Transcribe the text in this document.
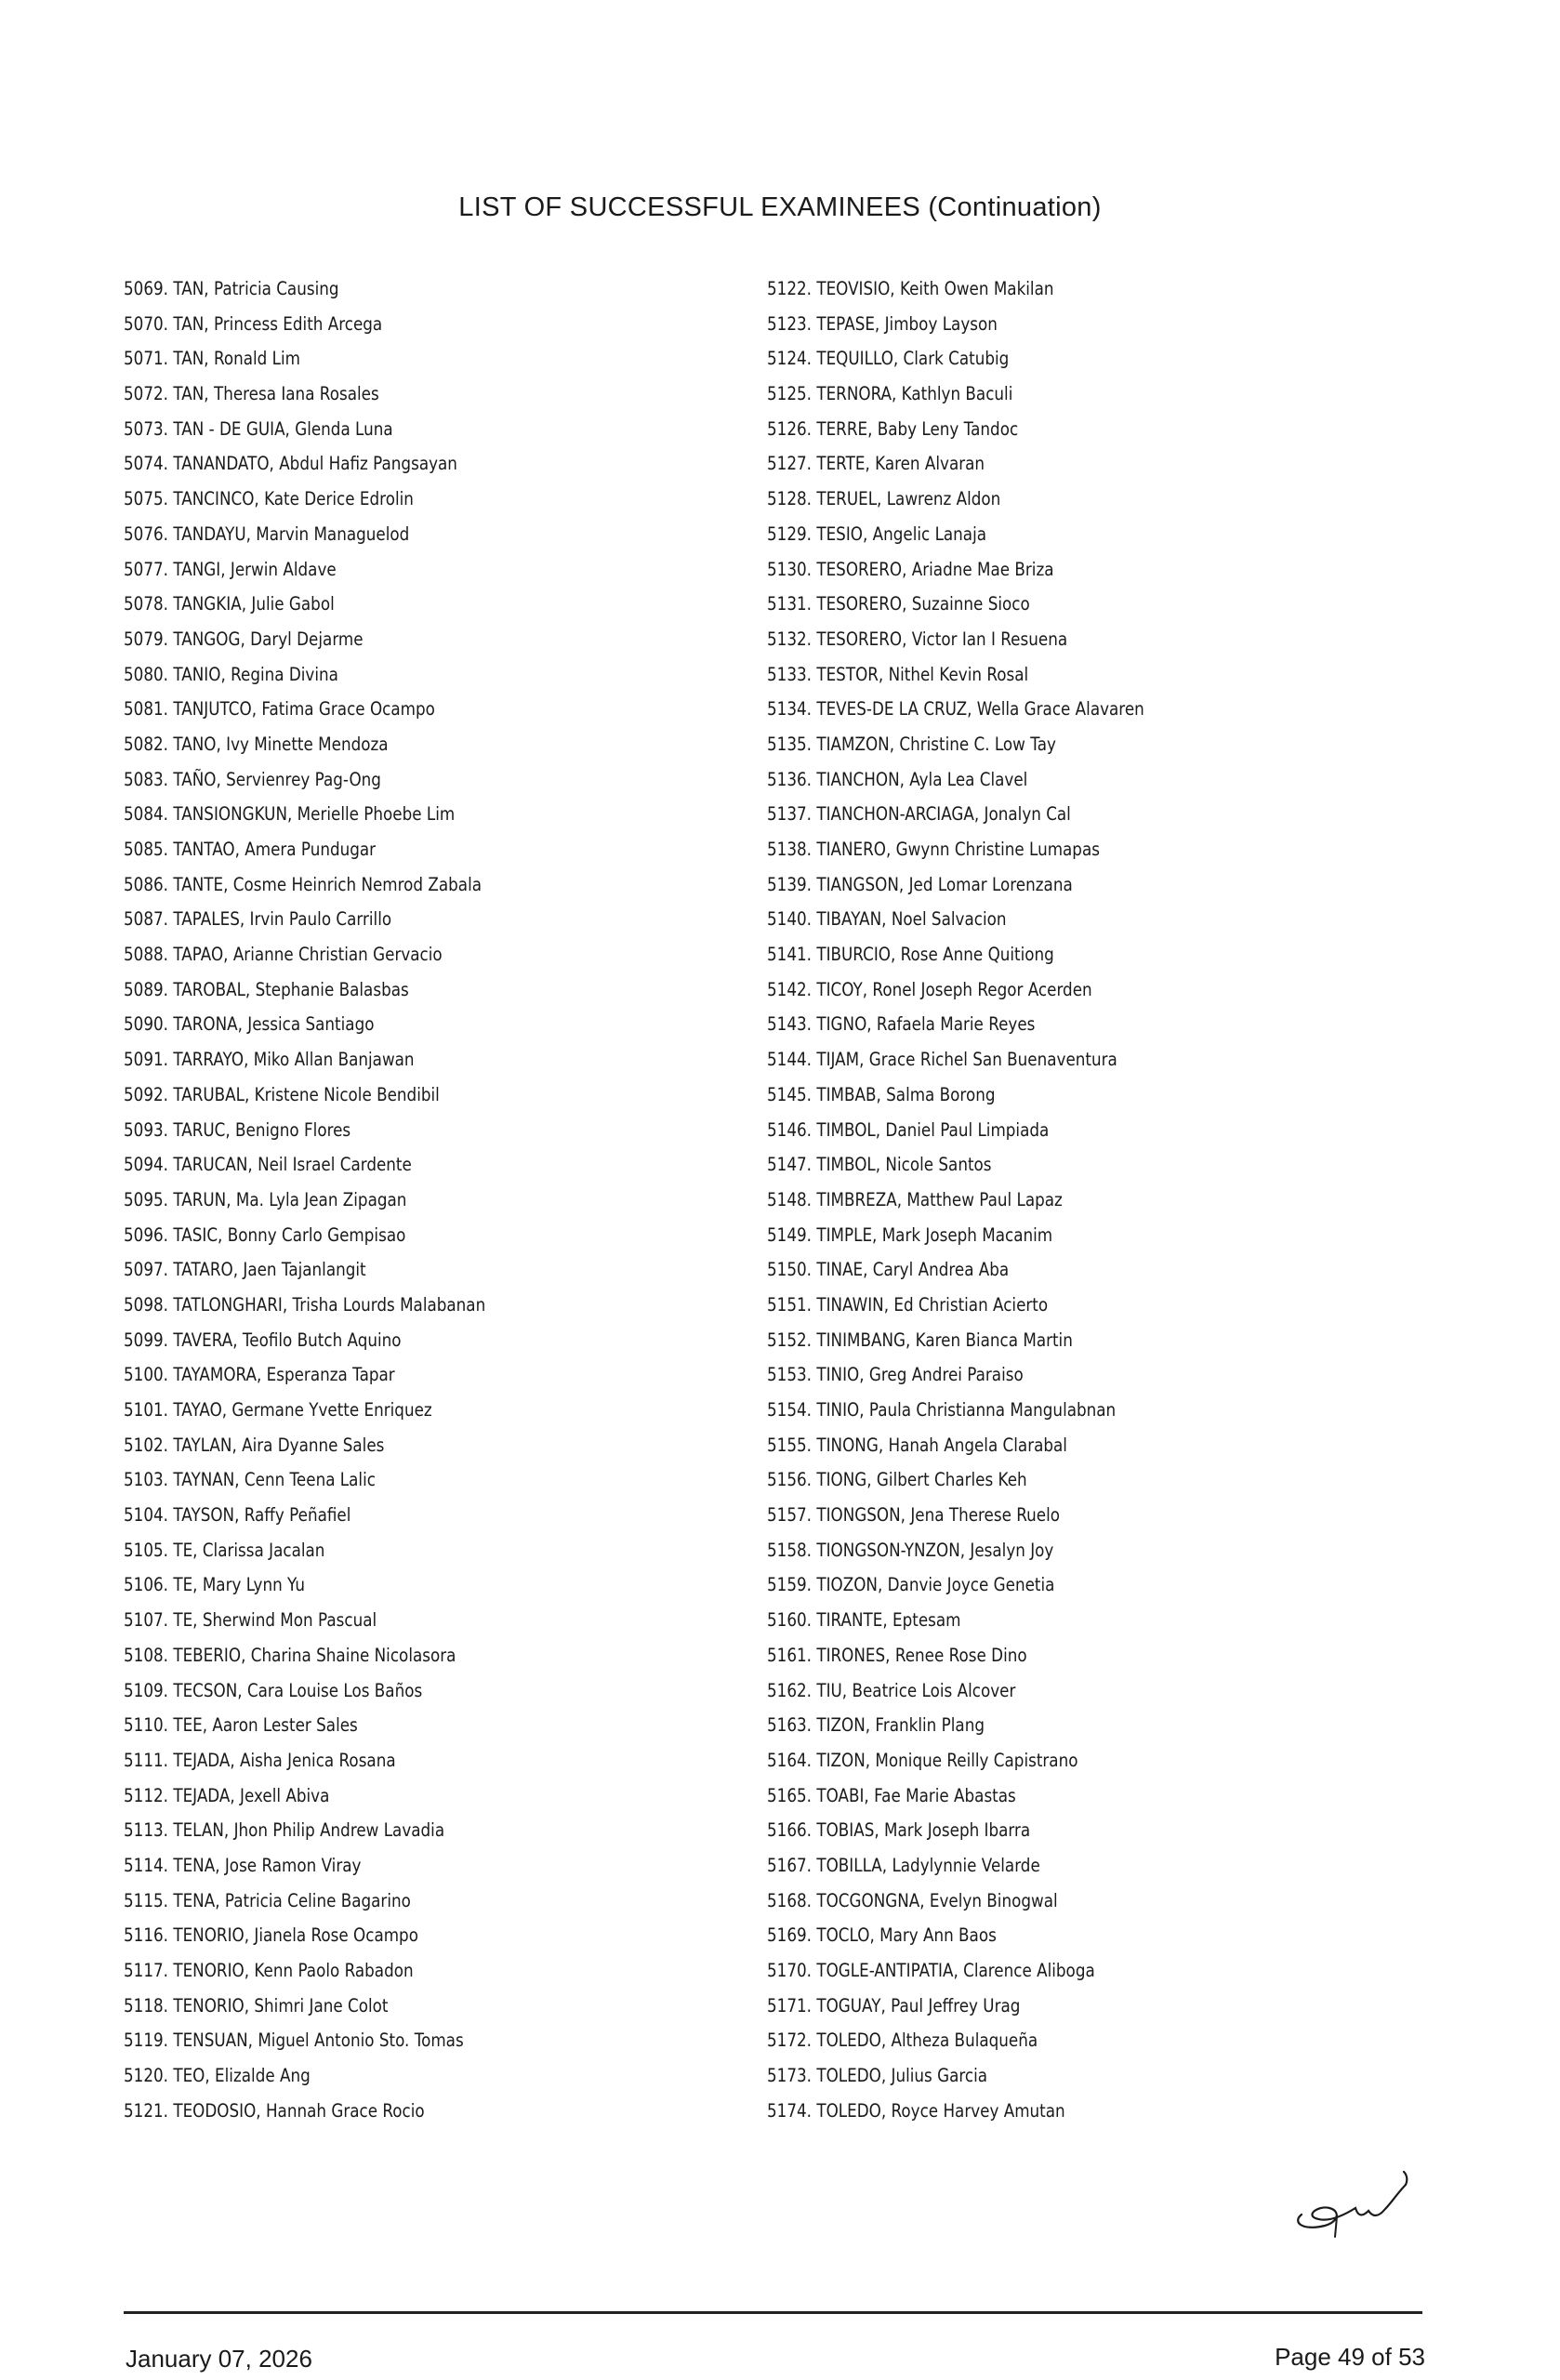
LIST OF SUCCESSFUL EXAMINEES (Continuation)
5069. TAN, Patricia Causing
5070. TAN, Princess Edith Arcega
5071. TAN, Ronald Lim
5072. TAN, Theresa Iana Rosales
5073. TAN - DE GUIA, Glenda Luna
5074. TANANDATO, Abdul Hafiz Pangsayan
5075. TANCINCO, Kate Derice Edrolin
5076. TANDAYU, Marvin Managuelod
5077. TANGI, Jerwin Aldave
5078. TANGKIA, Julie Gabol
5079. TANGOG, Daryl Dejarme
5080. TANIO, Regina Divina
5081. TANJUTCO, Fatima Grace Ocampo
5082. TANO, Ivy Minette Mendoza
5083. TAÑO, Servienrey Pag-Ong
5084. TANSIONGKUN, Merielle Phoebe Lim
5085. TANTAO, Amera Pundugar
5086. TANTE, Cosme Heinrich Nemrod Zabala
5087. TAPALES, Irvin Paulo Carrillo
5088. TAPAO, Arianne Christian Gervacio
5089. TAROBAL, Stephanie Balasbas
5090. TARONA, Jessica Santiago
5091. TARRAYO, Miko Allan Banjawan
5092. TARUBAL, Kristene Nicole Bendibil
5093. TARUC, Benigno Flores
5094. TARUCAN, Neil Israel Cardente
5095. TARUN, Ma. Lyla Jean Zipagan
5096. TASIC, Bonny Carlo Gempisao
5097. TATARO, Jaen Tajanlangit
5098. TATLONGHARI, Trisha Lourds Malabanan
5099. TAVERA, Teofilo Butch Aquino
5100. TAYAMORA, Esperanza Tapar
5101. TAYAO, Germane Yvette Enriquez
5102. TAYLAN, Aira Dyanne Sales
5103. TAYNAN, Cenn Teena Lalic
5104. TAYSON, Raffy Peñafiel
5105. TE, Clarissa Jacalan
5106. TE, Mary Lynn Yu
5107. TE, Sherwind Mon Pascual
5108. TEBERIO, Charina Shaine Nicolasora
5109. TECSON, Cara Louise Los Baños
5110. TEE, Aaron Lester Sales
5111. TEJADA, Aisha Jenica Rosana
5112. TEJADA, Jexell Abiva
5113. TELAN, Jhon Philip Andrew Lavadia
5114. TENA, Jose Ramon Viray
5115. TENA, Patricia Celine Bagarino
5116. TENORIO, Jianela Rose Ocampo
5117. TENORIO, Kenn Paolo Rabadon
5118. TENORIO, Shimri Jane Colot
5119. TENSUAN, Miguel Antonio Sto. Tomas
5120. TEO, Elizalde Ang
5121. TEODOSIO, Hannah Grace Rocio
5122. TEOVISIO, Keith Owen Makilan
5123. TEPASE, Jimboy Layson
5124. TEQUILLO, Clark Catubig
5125. TERNORA, Kathlyn Baculi
5126. TERRE, Baby Leny Tandoc
5127. TERTE, Karen Alvaran
5128. TERUEL, Lawrenz Aldon
5129. TESIO, Angelic Lanaja
5130. TESORERO, Ariadne Mae Briza
5131. TESORERO, Suzainne Sioco
5132. TESORERO, Victor Ian I Resuena
5133. TESTOR, Nithel Kevin Rosal
5134. TEVES-DE LA CRUZ, Wella Grace Alavaren
5135. TIAMZON, Christine C. Low Tay
5136. TIANCHON, Ayla Lea Clavel
5137. TIANCHON-ARCIAGA, Jonalyn Cal
5138. TIANERO, Gwynn Christine Lumapas
5139. TIANGSON, Jed Lomar Lorenzana
5140. TIBAYAN, Noel Salvacion
5141. TIBURCIO, Rose Anne Quitiong
5142. TICOY, Ronel Joseph Regor Acerden
5143. TIGNO, Rafaela Marie Reyes
5144. TIJAM, Grace Richel San Buenaventura
5145. TIMBAB, Salma Borong
5146. TIMBOL, Daniel Paul Limpiada
5147. TIMBOL, Nicole Santos
5148. TIMBREZA, Matthew Paul Lapaz
5149. TIMPLE, Mark Joseph Macanim
5150. TINAE, Caryl Andrea Aba
5151. TINAWIN, Ed Christian Acierto
5152. TINIMBANG, Karen Bianca Martin
5153. TINIO, Greg Andrei Paraiso
5154. TINIO, Paula Christianna Mangulabnan
5155. TINONG, Hanah Angela Clarabal
5156. TIONG, Gilbert Charles Keh
5157. TIONGSON, Jena Therese Ruelo
5158. TIONGSON-YNZON, Jesalyn Joy
5159. TIOZON, Danvie Joyce Genetia
5160. TIRANTE, Eptesam
5161. TIRONES, Renee Rose Dino
5162. TIU, Beatrice Lois Alcover
5163. TIZON, Franklin Plang
5164. TIZON, Monique Reilly Capistrano
5165. TOABI, Fae Marie Abastas
5166. TOBIAS, Mark Joseph Ibarra
5167. TOBILLA, Ladylynnie Velarde
5168. TOCGONGNA, Evelyn Binogwal
5169. TOCLO, Mary Ann Baos
5170. TOGLE-ANTIPATIA, Clarence Aliboga
5171. TOGUAY, Paul Jeffrey Urag
5172. TOLEDO, Altheza Bulaqueña
5173. TOLEDO, Julius Garcia
5174. TOLEDO, Royce Harvey Amutan
January 07, 2026	Page 49 of 53
